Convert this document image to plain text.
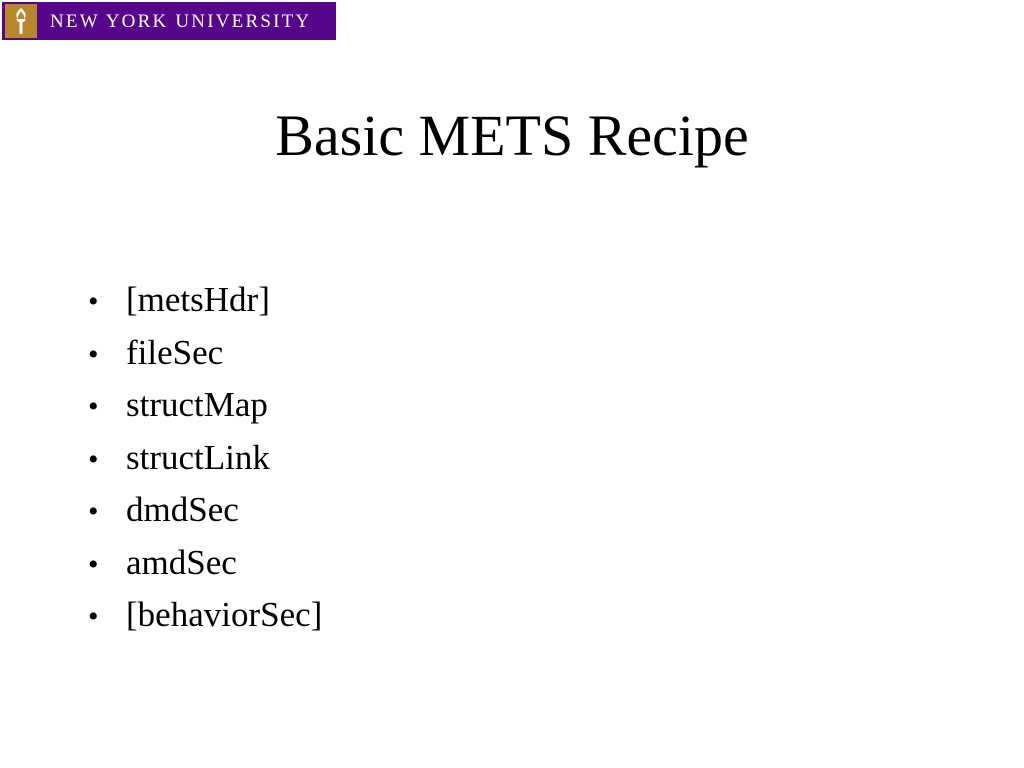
NEW YORK UNIVERSITY
Basic METS Recipe
• [metsHdr]
• fileSec
• structMap
• structLink
• dmdSec
• amdSec
• [behaviorSec]
